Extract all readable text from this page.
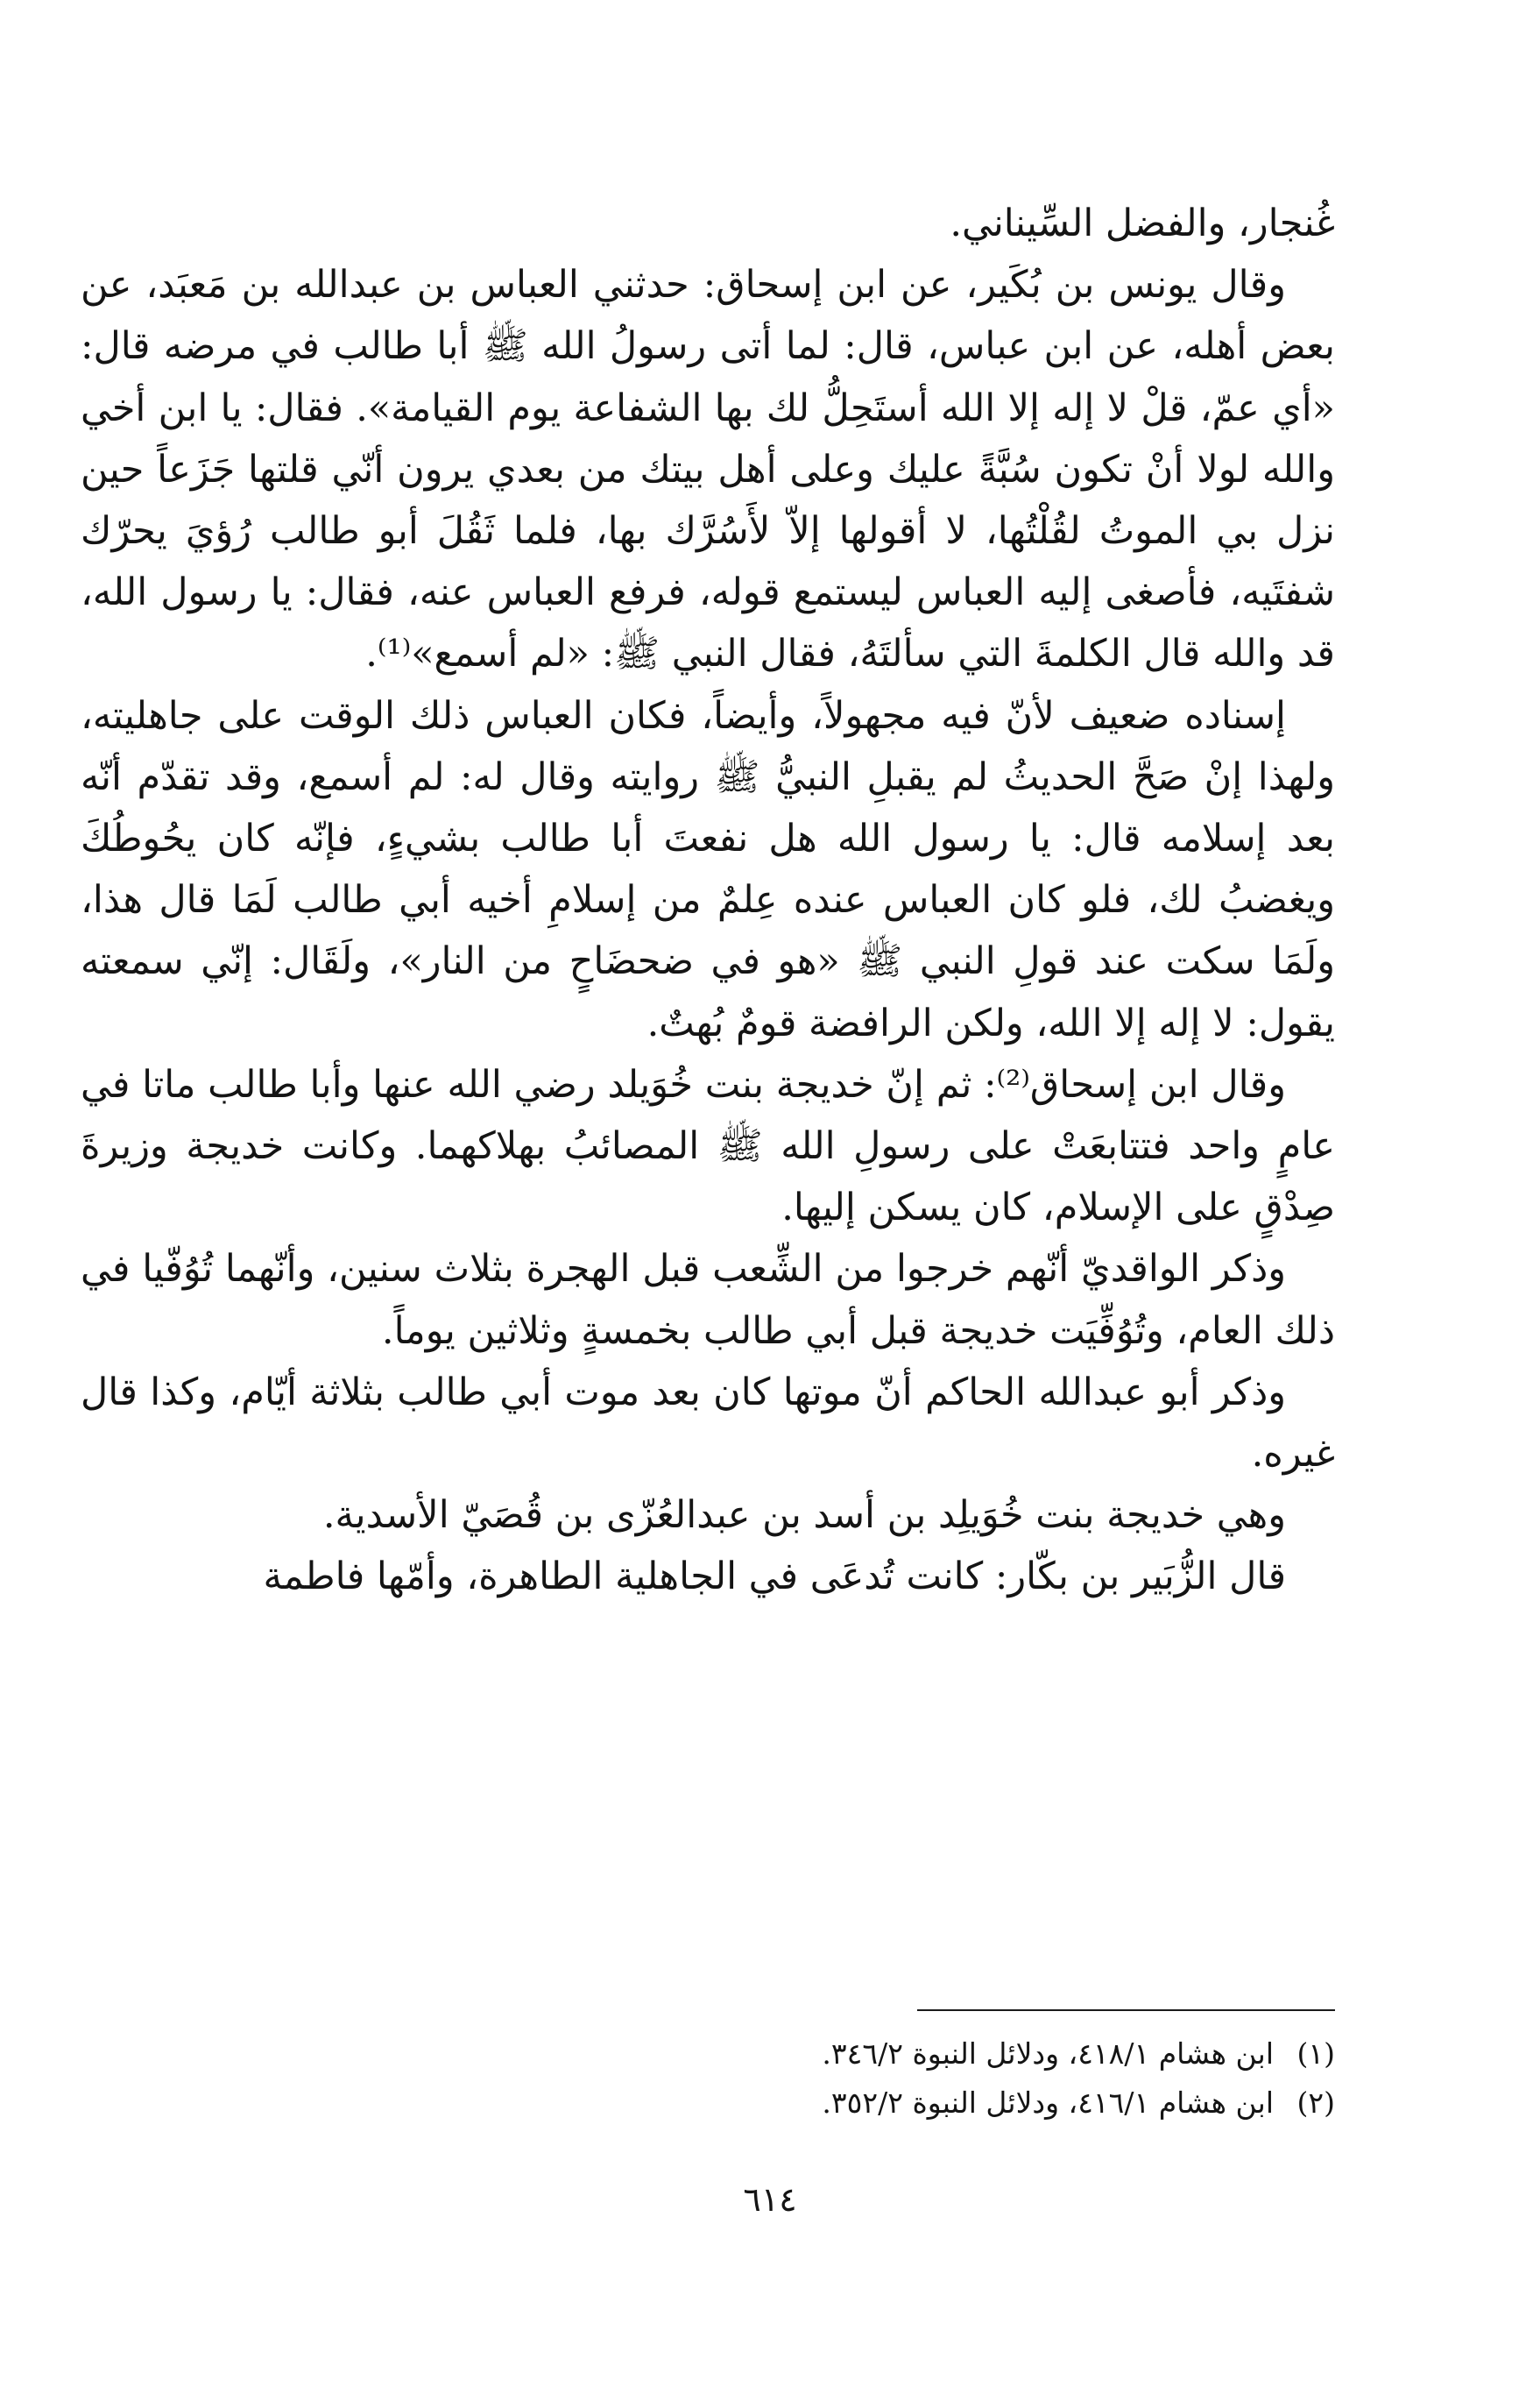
غُنجار، والفضل السِّيناني.

وقال يونس بن بُكَير، عن ابن إسحاق: حدثني العباس بن عبدالله بن مَعبَد، عن بعض أهله، عن ابن عباس، قال: لما أتى رسولُ الله ﷺ أبا طالب في مرضه قال: «أي عمّ، قلْ لا إله إلا الله أستَحِلُّ لك بها الشفاعة يوم القيامة». فقال: يا ابن أخي والله لولا أنْ تكون سُبَّةً عليك وعلى أهل بيتك من بعدي يرون أنّي قلتها جَزَعاً حين نزل بي الموتُ لقُلْتُها، لا أقولها إلاّ لأَسُرَّك بها، فلما ثَقُلَ أبو طالب رُؤيَ يحرّك شفتَيه، فأصغى إليه العباس ليستمع قوله، فرفع العباس عنه، فقال: يا رسول الله، قد والله قال الكلمةَ التي سألتَهُ، فقال النبي ﷺ: «لم أسمع»⁽¹⁾.

إسناده ضعيف لأنّ فيه مجهولاً، وأيضاً، فكان العباس ذلك الوقت على جاهليته، ولهذا إنْ صَحَّ الحديثُ لم يقبلِ النبيُّ ﷺ روايته وقال له: لم أسمع، وقد تقدّم أنّه بعد إسلامه قال: يا رسول الله هل نفعتَ أبا طالب بشيءٍ، فإنّه كان يحُوطُكَ ويغضبُ لك، فلو كان العباس عنده عِلمٌ من إسلامِ أخيه أبي طالب لَمَا قال هذا، ولَمَا سكت عند قولِ النبي ﷺ «هو في ضحضَاحٍ من النار»، ولَقَال: إنّي سمعته يقول: لا إله إلا الله، ولكن الرافضة قومٌ بُهتٌ.

وقال ابن إسحاق⁽²⁾: ثم إنّ خديجة بنت خُوَيلد رضي الله عنها وأبا طالب ماتا في عامٍ واحد فتتابعَتْ على رسولِ الله ﷺ المصائبُ بهلاكهما. وكانت خديجة وزيرةَ صِدْقٍ على الإسلام، كان يسكن إليها.

وذكر الواقديّ أنّهم خرجوا من الشِّعب قبل الهجرة بثلاث سنين، وأنّهما تُوُفّيا في ذلك العام، وتُوُفِّيَت خديجة قبل أبي طالب بخمسةٍ وثلاثين يوماً.

وذكر أبو عبدالله الحاكم أنّ موتها كان بعد موت أبي طالب بثلاثة أيّام، وكذا قال غيره.

وهي خديجة بنت خُوَيلِد بن أسد بن عبدالعُزّى بن قُصَيّ الأسدية.

قال الزُّبَير بن بكّار: كانت تُدعَى في الجاهلية الطاهرة، وأمّها فاطمة

(١)
ابن هشام ٤١٨/١، ودلائل النبوة ٣٤٦/٢.
(٢)
ابن هشام ٤١٦/١، ودلائل النبوة ٣٥٢/٢.
٦١٤
